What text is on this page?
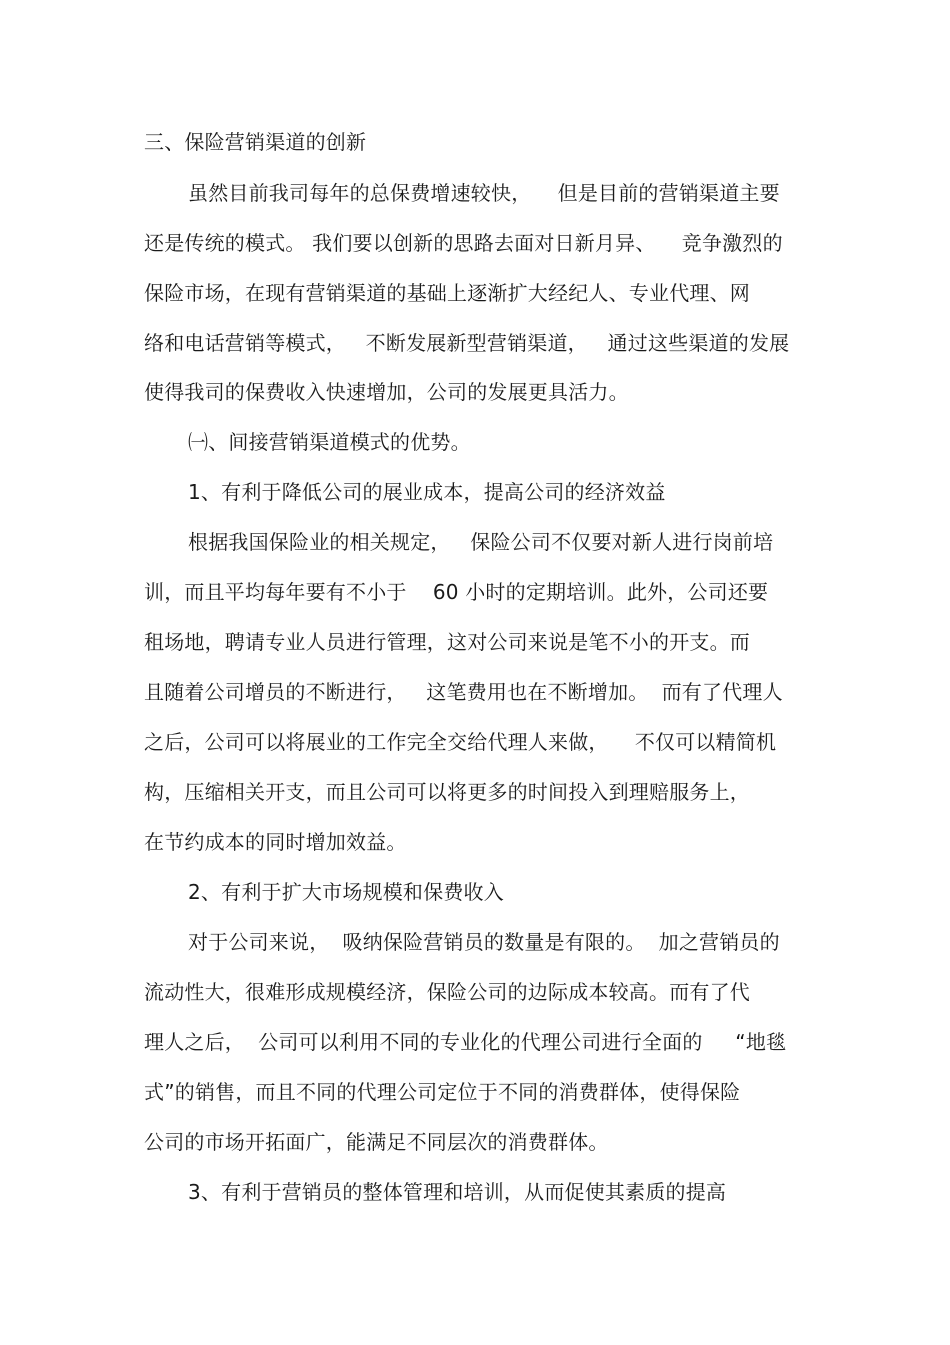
三、保险营销渠道的创新
虽然目前我司每年的总保费增速较快，    但是目前的营销渠道主要
还是传统的模式。 我们要以创新的思路去面对日新月异、    竞争激烈的
保险市场，在现有营销渠道的基础上逐渐扩大经纪人、专业代理、网
络和电话营销等模式，   不断发展新型营销渠道，   通过这些渠道的发展
使得我司的保费收入快速增加，公司的发展更具活力。
㈠、间接营销渠道模式的优势。
1、有利于降低公司的展业成本，提高公司的经济效益
根据我国保险业的相关规定，   保险公司不仅要对新人进行岗前培
训，而且平均每年要有不小于    60 小时的定期培训。此外，公司还要
租场地，聘请专业人员进行管理，这对公司来说是笔不小的开支。而
且随着公司增员的不断进行，   这笔费用也在不断增加。  而有了代理人
之后，公司可以将展业的工作完全交给代理人来做，    不仅可以精简机
构，压缩相关开支，而且公司可以将更多的时间投入到理赔服务上，
在节约成本的同时增加效益。
2、有利于扩大市场规模和保费收入
对于公司来说，  吸纳保险营销员的数量是有限的。  加之营销员的
流动性大，很难形成规模经济，保险公司的边际成本较高。而有了代
理人之后，  公司可以利用不同的专业化的代理公司进行全面的     “地毯
式”的销售，而且不同的代理公司定位于不同的消费群体，使得保险
公司的市场开拓面广，能满足不同层次的消费群体。
3、有利于营销员的整体管理和培训，从而促使其素质的提高
